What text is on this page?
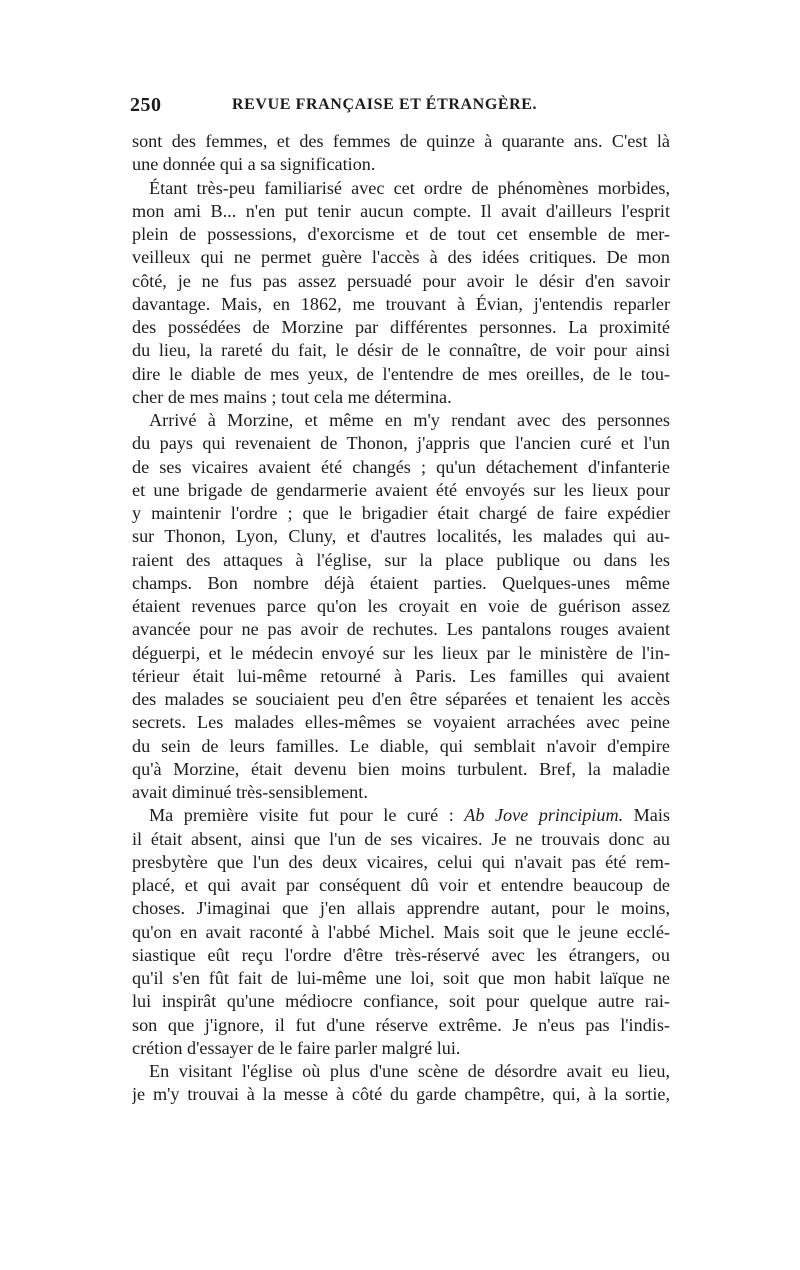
250	REVUE FRANÇAISE ET ÉTRANGÈRE.
sont des femmes, et des femmes de quinze à quarante ans. C'est là
une donnée qui a sa signification.
Étant très-peu familiarisé avec cet ordre de phénomènes morbides,
mon ami B... n'en put tenir aucun compte. Il avait d'ailleurs l'esprit
plein de possessions, d'exorcisme et de tout cet ensemble de mer-
veilleux qui ne permet guère l'accès à des idées critiques. De mon
côté, je ne fus pas assez persuadé pour avoir le désir d'en savoir
davantage. Mais, en 1862, me trouvant à Évian, j'entendis reparler
des possédées de Morzine par différentes personnes. La proximité
du lieu, la rareté du fait, le désir de le connaître, de voir pour ainsi
dire le diable de mes yeux, de l'entendre de mes oreilles, de le tou-
cher de mes mains ; tout cela me détermina.
Arrivé à Morzine, et même en m'y rendant avec des personnes
du pays qui revenaient de Thonon, j'appris que l'ancien curé et l'un
de ses vicaires avaient été changés ; qu'un détachement d'infanterie
et une brigade de gendarmerie avaient été envoyés sur les lieux pour
y maintenir l'ordre ; que le brigadier était chargé de faire expédier
sur Thonon, Lyon, Cluny, et d'autres localités, les malades qui au-
raient des attaques à l'église, sur la place publique ou dans les
champs. Bon nombre déjà étaient parties. Quelques-unes même
étaient revenues parce qu'on les croyait en voie de guérison assez
avancée pour ne pas avoir de rechutes. Les pantalons rouges avaient
déguerpi, et le médecin envoyé sur les lieux par le ministère de l'in-
térieur était lui-même retourné à Paris. Les familles qui avaient
des malades se souciaient peu d'en être séparées et tenaient les accès
secrets. Les malades elles-mêmes se voyaient arrachées avec peine
du sein de leurs familles. Le diable, qui semblait n'avoir d'empire
qu'à Morzine, était devenu bien moins turbulent. Bref, la maladie
avait diminué très-sensiblement.
Ma première visite fut pour le curé : Ab Jove principium. Mais
il était absent, ainsi que l'un de ses vicaires. Je ne trouvais donc au
presbytère que l'un des deux vicaires, celui qui n'avait pas été rem-
placé, et qui avait par conséquent dû voir et entendre beaucoup de
choses. J'imaginai que j'en allais apprendre autant, pour le moins,
qu'on en avait raconté à l'abbé Michel. Mais soit que le jeune ecclé-
siastique eût reçu l'ordre d'être très-réservé avec les étrangers, ou
qu'il s'en fût fait de lui-même une loi, soit que mon habit laïque ne
lui inspirât qu'une médiocre confiance, soit pour quelque autre rai-
son que j'ignore, il fut d'une réserve extrême. Je n'eus pas l'indis-
crétion d'essayer de le faire parler malgré lui.
En visitant l'église où plus d'une scène de désordre avait eu lieu,
je m'y trouvai à la messe à côté du garde champêtre, qui, à la sortie,
